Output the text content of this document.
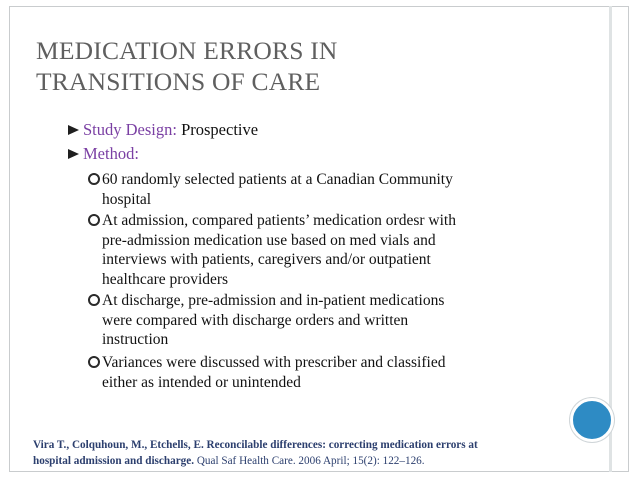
MEDICATION ERRORS IN
TRANSITIONS OF CARE
Study Design: Prospective
Method:
60 randomly selected patients at a Canadian Community
hospital
At admission, compared patients’ medication ordesr with
pre-admission medication use based on med vials and
interviews with patients, caregivers and/or outpatient
healthcare providers
At discharge, pre-admission and in-patient medications
were compared with discharge orders and written
instruction
Variances were discussed with prescriber and classified
either as intended or unintended
Vira T., Colquhoun, M., Etchells, E. Reconcilable differences: correcting medication errors at
hospital admission and discharge. Qual Saf Health Care. 2006 April; 15(2): 122–126.
